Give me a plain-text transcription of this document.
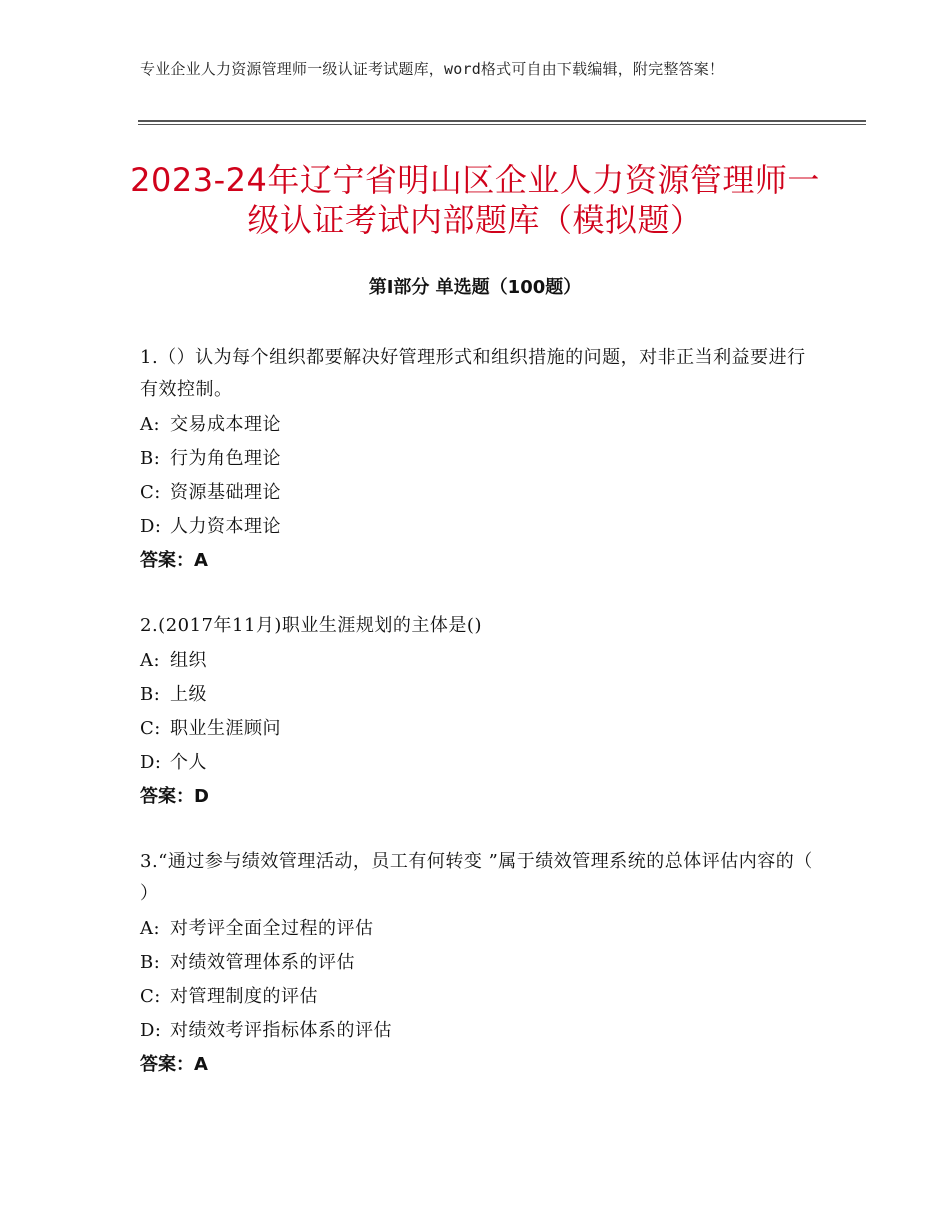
专业企业人力资源管理师一级认证考试题库，word格式可自由下载编辑，附完整答案！
2023-24年辽宁省明山区企业人力资源管理师一级认证考试内部题库（模拟题）
第Ⅰ部分 单选题（100题）
1.（）认为每个组织都要解决好管理形式和组织措施的问题，对非正当利益要进行有效控制。
A: 交易成本理论
B: 行为角色理论
C: 资源基础理论
D: 人力资本理论
答案：A
2.(2017年11月)职业生涯规划的主体是()
A: 组织
B: 上级
C: 职业生涯顾问
D: 个人
答案：D
3.“通过参与绩效管理活动，员工有何转变 ”属于绩效管理系统的总体评估内容的（ ）
A: 对考评全面全过程的评估
B: 对绩效管理体系的评估
C: 对管理制度的评估
D: 对绩效考评指标体系的评估
答案：A
